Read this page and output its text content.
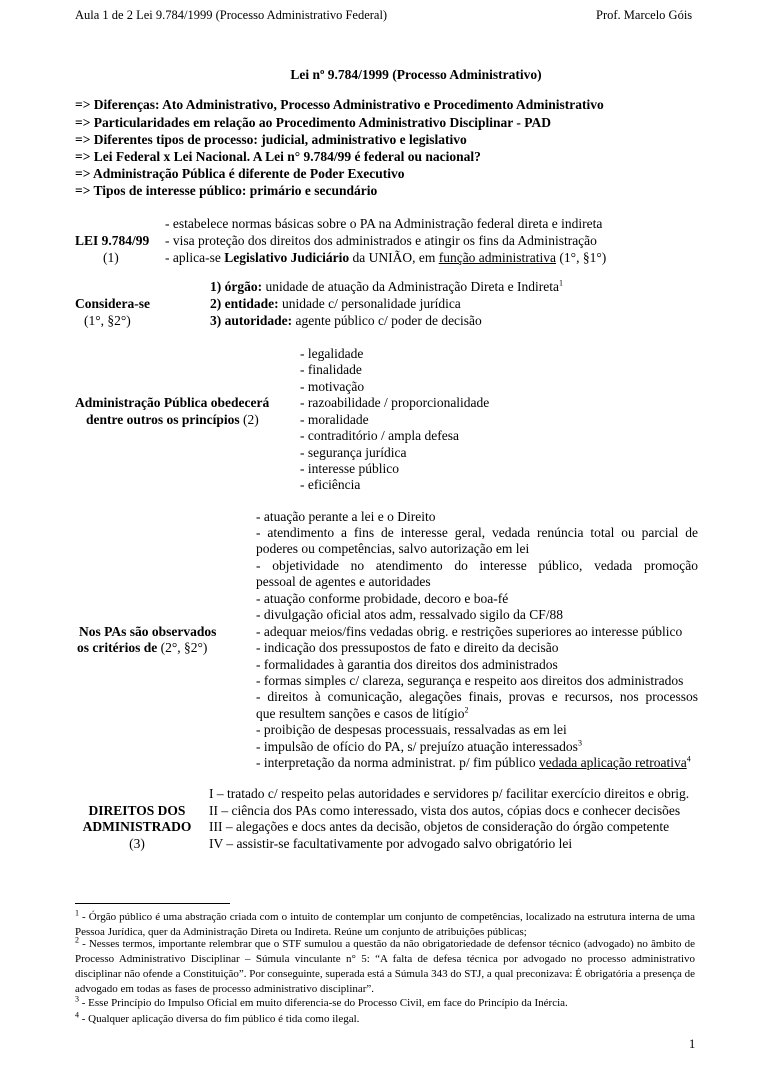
Aula 1 de 2 Lei 9.784/1999 (Processo Administrativo Federal)	Prof. Marcelo Góis
Lei nº 9.784/1999 (Processo Administrativo)
=> Diferenças: Ato Administrativo, Processo Administrativo e Procedimento Administrativo
=> Particularidades em relação ao Procedimento Administrativo Disciplinar - PAD
=> Diferentes tipos de processo: judicial, administrativo e legislativo
=> Lei Federal x Lei Nacional. A Lei n° 9.784/99 é federal ou nacional?
=> Administração Pública é diferente de Poder Executivo
=> Tipos de interesse público: primário e secundário
LEI 9.784/99
(1)
- estabelece normas básicas sobre o PA na Administração federal direta e indireta
- visa proteção dos direitos dos administrados e atingir os fins da Administração
- aplica-se Legislativo Judiciário da UNIÃO, em função administrativa (1°, §1°)
Considera-se
(1°, §2°)
1) órgão: unidade de atuação da Administração Direta e Indireta$^1$
2) entidade: unidade c/ personalidade jurídica
3) autoridade: agente público c/ poder de decisão
Administração Pública obedecerá
dentre outros os princípios (2)
- legalidade
- finalidade
- motivação
- razoabilidade / proporcionalidade
- moralidade
- contraditório / ampla defesa
- segurança jurídica
- interesse público
- eficiência
Nos PAs são observados
os critérios de (2°, §2°)
- atuação perante a lei e o Direito
- atendimento a fins de interesse geral, vedada renúncia total ou parcial de
poderes ou competências, salvo autorização em lei
- objetividade no atendimento do interesse público, vedada promoção
pessoal de agentes e autoridades
- atuação conforme probidade, decoro e boa-fé
- divulgação oficial atos adm, ressalvado sigilo da CF/88
- adequar meios/fins vedadas obrig. e restrições superiores ao interesse público
- indicação dos pressupostos de fato e direito da decisão
- formalidades à garantia dos direitos dos administrados
- formas simples c/ clareza, segurança e respeito aos direitos dos administrados
- direitos à comunicação, alegações finais, provas e recursos, nos processos
que resultem sanções e casos de litígio$^2$
- proibição de despesas processuais, ressalvadas as em lei
- impulsão de ofício do PA, s/ prejuízo atuação interessados$^3$
- interpretação da norma administrat. p/ fim público vedada aplicação retroativa$^4$
DIREITOS DOS
ADMINISTRADO
(3)
I – tratado c/ respeito pelas autoridades e servidores p/ facilitar exercício direitos e obrig.
II – ciência dos PAs como interessado, vista dos autos, cópias docs e conhecer decisões
III – alegações e docs antes da decisão, objetos de consideração do órgão competente
IV – assistir-se facultativamente por advogado salvo obrigatório lei
$^1$ - Órgão público é uma abstração criada com o intuito de contemplar um conjunto de competências, localizado na estrutura interna de uma Pessoa Jurídica, quer da Administração Direta ou Indireta. Reúne um conjunto de atribuições públicas;
$^2$ - Nesses termos, importante relembrar que o STF sumulou a questão da não obrigatoriedade de defensor técnico (advogado) no âmbito de Processo Administrativo Disciplinar – Súmula vinculante n° 5: “A falta de defesa técnica por advogado no processo administrativo disciplinar não ofende a Constituição”. Por conseguinte, superada está a Súmula 343 do STJ, a qual preconizava: É obrigatória a presença de advogado em todas as fases de processo administrativo disciplinar”.
$^3$ - Esse Princípio do Impulso Oficial em muito diferencia-se do Processo Civil, em face do Princípio da Inércia.
$^4$ - Qualquer aplicação diversa do fim público é tida como ilegal.
1
